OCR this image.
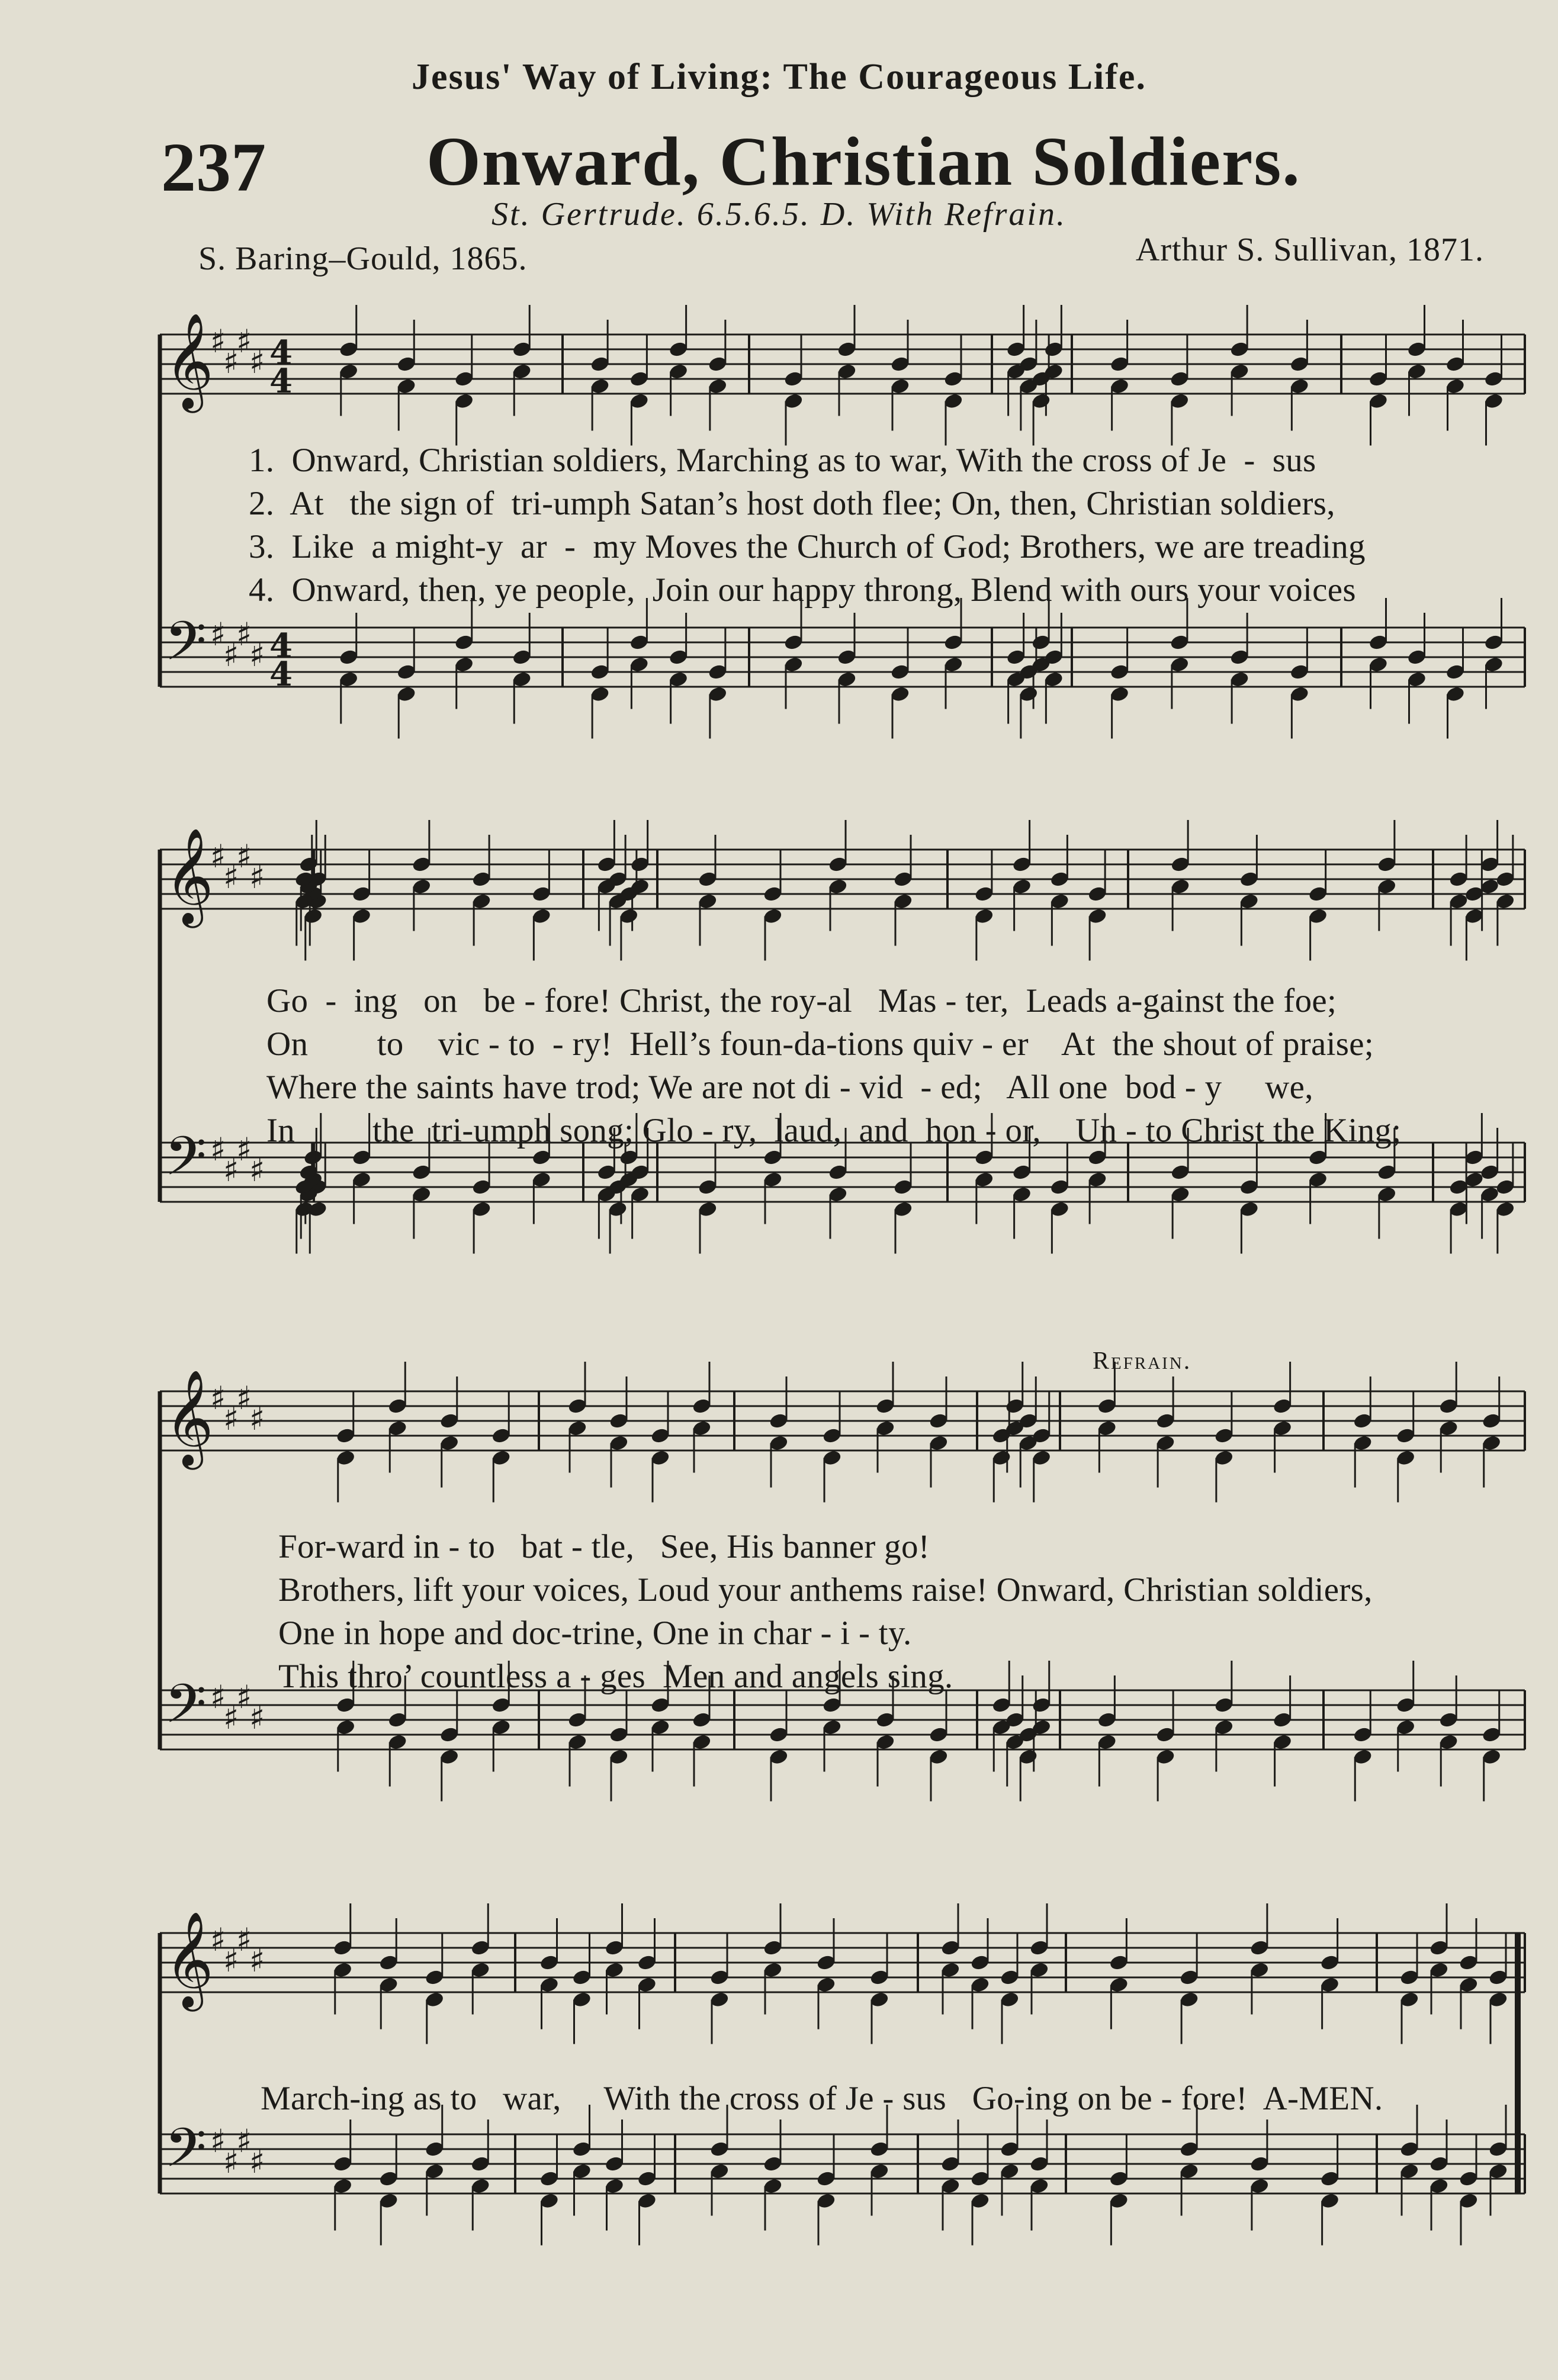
Jesus' Way of Living: The Courageous Life.
237 Onward, Christian Soldiers.
St. Gertrude. 6.5.6.5. D. With Refrain.
S. Baring–Gould, 1865.	Arthur S. Sullivan, 1871.
1.  Onward, Christian soldiers, Marching as to war, With the cross of Je  -  sus
2.  At   the sign of  tri-umph Satan’s host doth flee; On, then, Christian soldiers,
3.  Like  a might-y  ar  -  my Moves the Church of God; Brothers, we are treading
4.  Onward, then, ye people,  Join our happy throng, Blend with ours your voices
Go  -  ing   on   be - fore! Christ, the roy-al   Mas - ter,  Leads a-gainst the foe;
On        to    vic - to  - ry!  Hell’s foun-da-tions quiv - er    At  the shout of praise;
Where the saints have trod; We are not di - vid  - ed;   All one  bod - y     we,
In         the  tri-umph song; Glo - ry,  laud,  and  hon - or,    Un - to Christ the King;
Refrain.
For-ward in - to   bat - tle,   See, His banner go!
Brothers, lift your voices, Loud your anthems raise! Onward, Christian soldiers,
One in hope and doc-trine, One in char - i - ty.
This thro’ countless a - ges  Men and angels sing.
March-ing as to   war,     With the cross of Je - sus   Go-ing on be - fore!  A-MEN.
𝄞
♯
♯
♯
♯ 4
4
𝄢 ♯
♯
♯
♯ 4
4
𝄞
♯
♯
♯
♯
𝄢 ♯
♯
♯
♯
𝄞
♯
♯
♯
♯
𝄢 ♯
♯
♯
♯
𝄞
♯
♯
♯
♯
𝄢 ♯
♯
♯
♯
